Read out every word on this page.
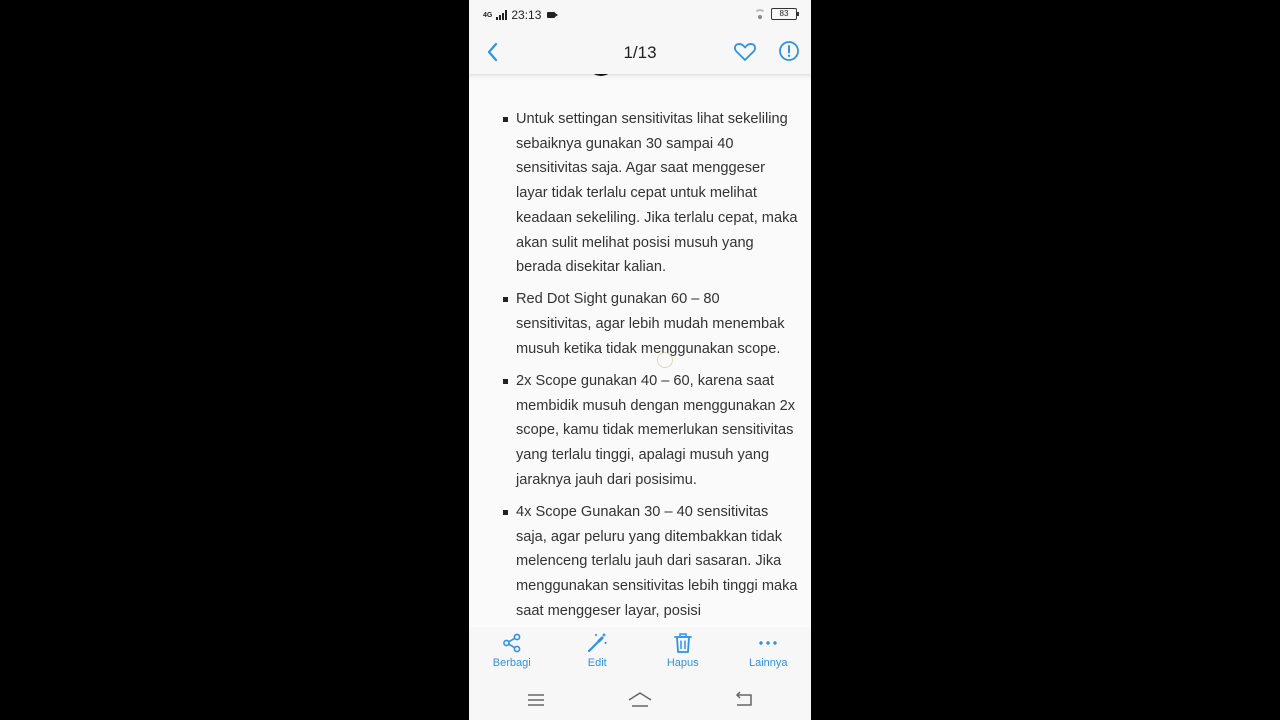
4G 23:13	83
1/13
Untuk settingan sensitivitas lihat sekeliling sebaiknya gunakan 30 sampai 40 sensitivitas saja. Agar saat menggeser layar tidak terlalu cepat untuk melihat keadaan sekeliling. Jika terlalu cepat, maka akan sulit melihat posisi musuh yang berada disekitar kalian.
Red Dot Sight gunakan 60 – 80 sensitivitas, agar lebih mudah menembak musuh ketika tidak menggunakan scope.
2x Scope gunakan 40 – 60, karena saat membidik musuh dengan menggunakan 2x scope, kamu tidak memerlukan sensitivitas yang terlalu tinggi, apalagi musuh yang jaraknya jauh dari posisimu.
4x Scope Gunakan 30 – 40 sensitivitas saja, agar peluru yang ditembakkan tidak melenceng terlalu jauh dari sasaran. Jika menggunakan sensitivitas lebih tinggi maka saat menggeser layar, posisi
Berbagi	Edit	Hapus	Lainnya
